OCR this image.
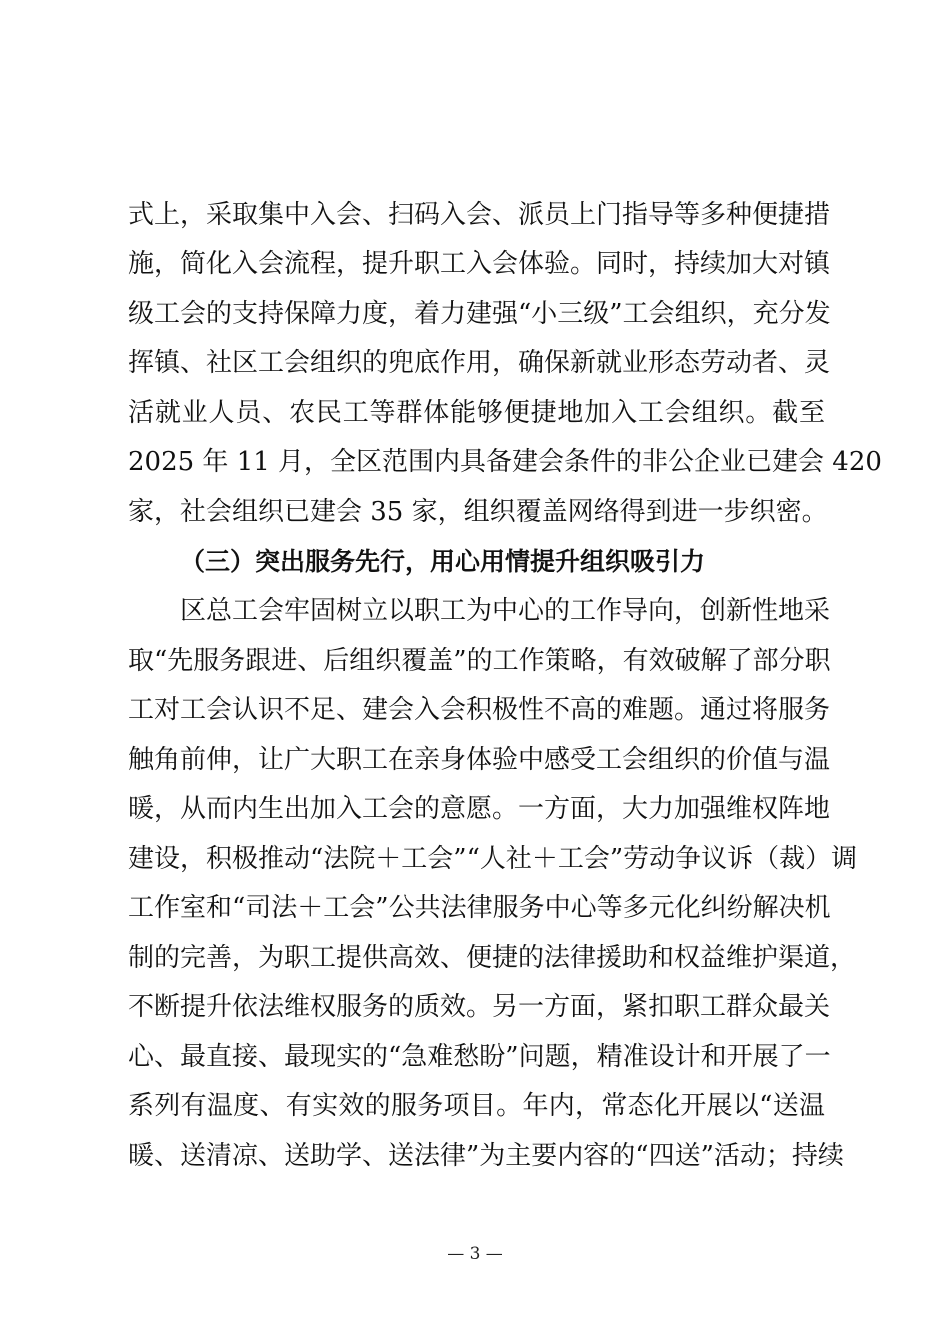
式上，采取集中入会、扫码入会、派员上门指导等多种便捷措
施，简化入会流程，提升职工入会体验。同时，持续加大对镇
级工会的支持保障力度，着力建强“小三级”工会组织，充分发
挥镇、社区工会组织的兜底作用，确保新就业形态劳动者、灵
活就业人员、农民工等群体能够便捷地加入工会组织。截至
2025 年 11 月，全区范围内具备建会条件的非公企业已建会 420
家，社会组织已建会 35 家，组织覆盖网络得到进一步织密。
（三）突出服务先行，用心用情提升组织吸引力
区总工会牢固树立以职工为中心的工作导向，创新性地采
取“先服务跟进、后组织覆盖”的工作策略，有效破解了部分职
工对工会认识不足、建会入会积极性不高的难题。通过将服务
触角前伸，让广大职工在亲身体验中感受工会组织的价值与温
暖，从而内生出加入工会的意愿。一方面，大力加强维权阵地
建设，积极推动“法院＋工会”“人社＋工会”劳动争议诉（裁）调
工作室和“司法＋工会”公共法律服务中心等多元化纠纷解决机
制的完善，为职工提供高效、便捷的法律援助和权益维护渠道，
不断提升依法维权服务的质效。另一方面，紧扣职工群众最关
心、最直接、最现实的“急难愁盼”问题，精准设计和开展了一
系列有温度、有实效的服务项目。年内，常态化开展以“送温
暖、送清凉、送助学、送法律”为主要内容的“四送”活动；持续
— 3 —
